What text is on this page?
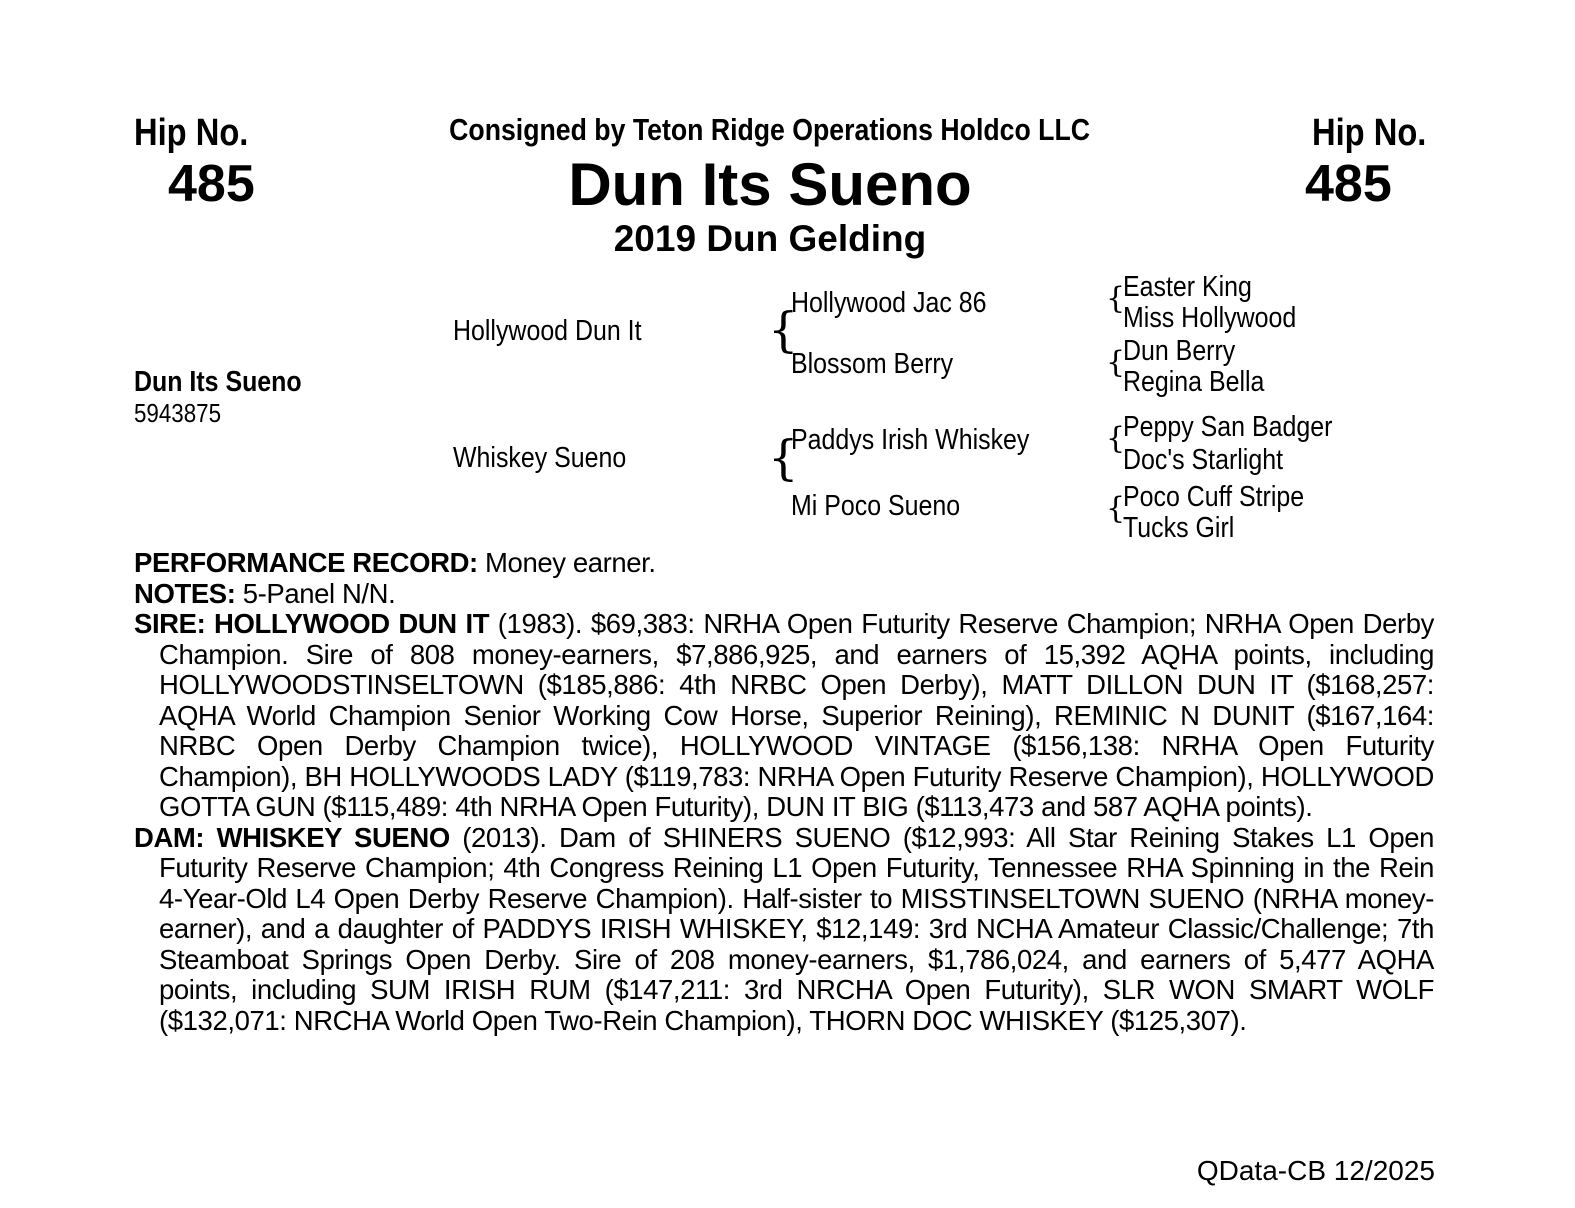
Hip No.
485
Hip No.
485
Consigned by Teton Ridge Operations Holdco LLC
Dun Its Sueno
2019 Dun Gelding
Dun Its Sueno
5943875
Hollywood Dun It
Whiskey Sueno
{
{
Hollywood Jac 86
Blossom Berry
Paddys Irish Whiskey
Mi Poco Sueno
{
{
{
{
Easter King
Miss Hollywood
Dun Berry
Regina Bella
Peppy San Badger
Doc's Starlight
Poco Cuff Stripe
Tucks Girl

PERFORMANCE RECORD: Money earner.

NOTES: 5-Panel N/N.

SIRE: HOLLYWOOD DUN IT (1983). $69,383: NRHA Open Futurity Reserve Champion; NRHA Open Derby Champion. Sire of 808 money-earners, $7,886,925, and earners of 15,392 AQHA points, including HOLLYWOODSTINSELTOWN ($185,886: 4th NRBC Open Derby), MATT DILLON DUN IT ($168,257: AQHA World Champion Senior Working Cow Horse, Superior Reining), REMINIC N DUNIT ($167,164: NRBC Open Derby Champion twice), HOLLYWOOD VINTAGE ($156,138: NRHA Open Futurity Champion), BH HOLLYWOODS LADY ($119,783: NRHA Open Futurity Reserve Champion), HOLLYWOOD GOTTA GUN ($115,489: 4th NRHA Open Futurity), DUN IT BIG ($113,473 and 587 AQHA points).

DAM: WHISKEY SUENO (2013). Dam of SHINERS SUENO ($12,993: All Star Reining Stakes L1 Open Futurity Reserve Champion; 4th Congress Reining L1 Open Futurity, Tennessee RHA Spinning in the Rein 4-Year-Old L4 Open Derby Reserve Champion). Half-sister to MISSTINSELTOWN SUENO (NRHA money-earner), and a daughter of PADDYS IRISH WHISKEY, $12,149: 3rd NCHA Amateur Classic/Challenge; 7th Steamboat Springs Open Derby. Sire of 208 money-earners, $1,786,024, and earners of 5,477 AQHA points, including SUM IRISH RUM ($147,211: 3rd NRCHA Open Futurity), SLR WON SMART WOLF ($132,071: NRCHA World Open Two-Rein Champion), THORN DOC WHISKEY ($125,307).

QData-CB 12/2025
